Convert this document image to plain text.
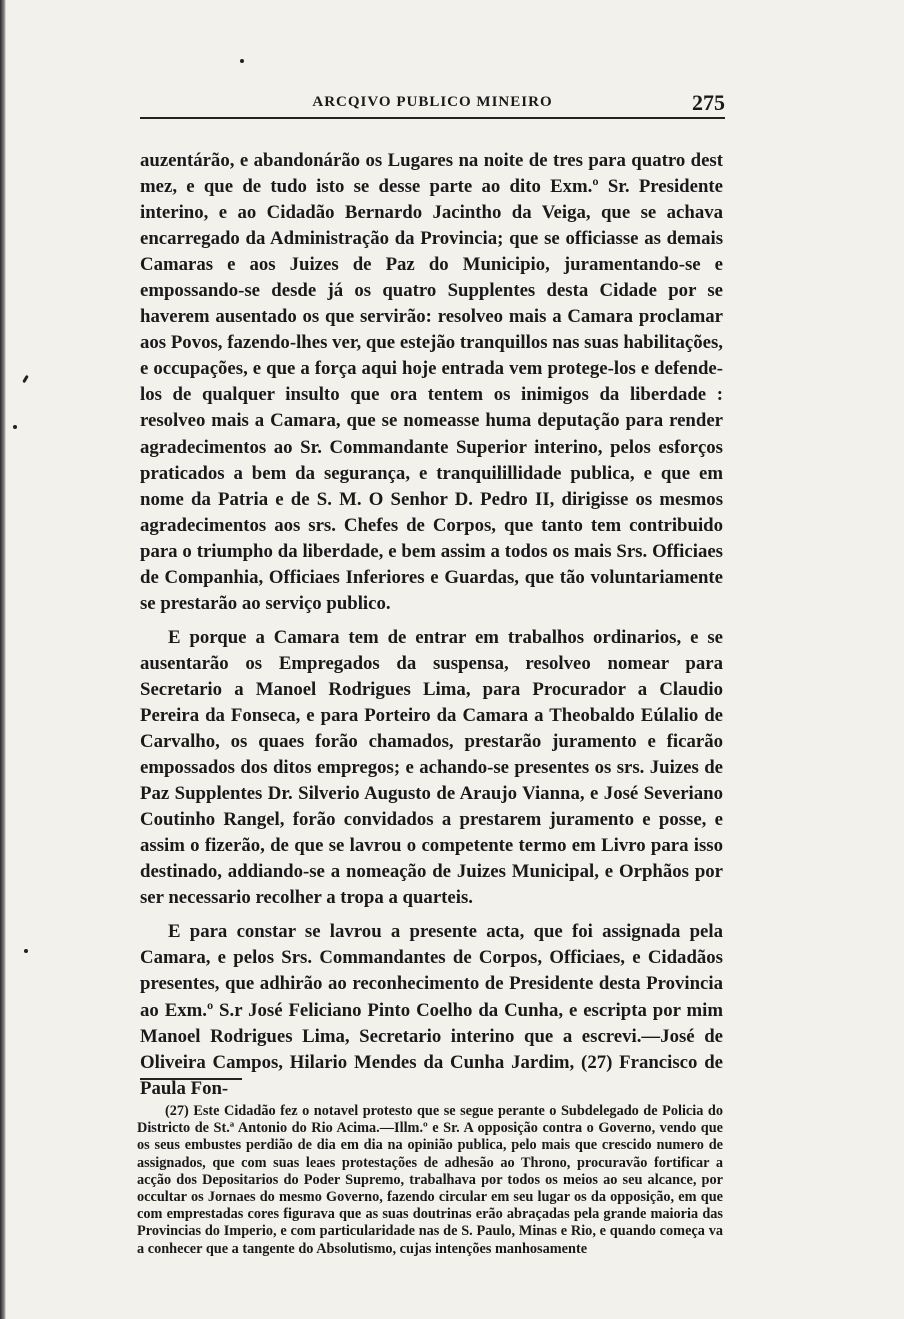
ARCQIVO PUBLICO MINEIRO	275

auzentárão, e abandonárão os Lugares na noite de tres para quatro dest mez, e que de tudo isto se desse parte ao dito Exm.º Sr. Presidente interino, e ao Cidadão Bernardo Jacintho da Veiga, que se achava encarregado da Administração da Provincia; que se officiasse as demais Camaras e aos Juizes de Paz do Municipio, juramentando-se e empossando-se desde já os quatro Supplentes desta Cidade por se haverem ausentado os que servirão: resolveo mais a Camara proclamar aos Povos, fazendo-lhes ver, que estejão tranquillos nas suas habilitações, e occupações, e que a força aqui hoje entrada vem protege-los e defende-los de qualquer insulto que ora tentem os inimigos da liberdade : resolveo mais a Camara, que se nomeasse huma deputação para render agradecimentos ao Sr. Commandante Superior interino, pelos esforços praticados a bem da segurança, e tranquilillidade publica, e que em nome da Patria e de S. M. O Senhor D. Pedro II, dirigisse os mesmos agradecimentos aos srs. Chefes de Corpos, que tanto tem contribuido para o triumpho da liberdade, e bem assim a todos os mais Srs. Officiaes de Companhia, Officiaes Inferiores e Guardas, que tão voluntariamente se prestarão ao serviço publico.

E porque a Camara tem de entrar em trabalhos ordinarios, e se ausentarão os Empregados da suspensa, resolveo nomear para Secretario a Manoel Rodrigues Lima, para Procurador a Claudio Pereira da Fonseca, e para Porteiro da Camara a Theobaldo Eúlalio de Carvalho, os quaes forão chamados, prestarão juramento e ficarão empossados dos ditos empregos; e achando-se presentes os srs. Juizes de Paz Supplentes Dr. Silverio Augusto de Araujo Vianna, e José Severiano Coutinho Rangel, forão convidados a prestarem juramento e posse, e assim o fizerão, de que se lavrou o competente termo em Livro para isso destinado, addiando-se a nomeação de Juizes Municipal, e Orphãos por ser necessario recolher a tropa a quarteis.

E para constar se lavrou a presente acta, que foi assignada pela Camara, e pelos Srs. Commandantes de Corpos, Officiaes, e Cidadãos presentes, que adhirão ao reconhecimento de Presidente desta Provincia ao Exm.º S.r José Feliciano Pinto Coelho da Cunha, e escripta por mim Manoel Rodrigues Lima, Secretario interino que a escrevi.—José de Oliveira Campos, Hilario Mendes da Cunha Jardim, (27) Francisco de Paula Fon-

(27) Este Cidadão fez o notavel protesto que se segue perante o Subdelegado de Policia do Districto de St.ª Antonio do Rio Acima.—Illm.º e Sr. A opposição contra o Governo, vendo que os seus embustes perdião de dia em dia na opinião publica, pelo mais que crescido numero de assignados, que com suas leaes protestações de adhesão ao Throno, procuravão fortificar a acção dos Depositarios do Poder Supremo, trabalhava por todos os meios ao seu alcance, por occultar os Jornaes do mesmo Governo, fazendo circular em seu lugar os da opposição, em que com emprestadas cores figurava que as suas doutrinas erão abraçadas pela grande maioria das Provincias do Imperio, e com particularidade nas de S. Paulo, Minas e Rio, e quando começa va a conhecer que a tangente do Absolutismo, cujas intenções manhosamente
